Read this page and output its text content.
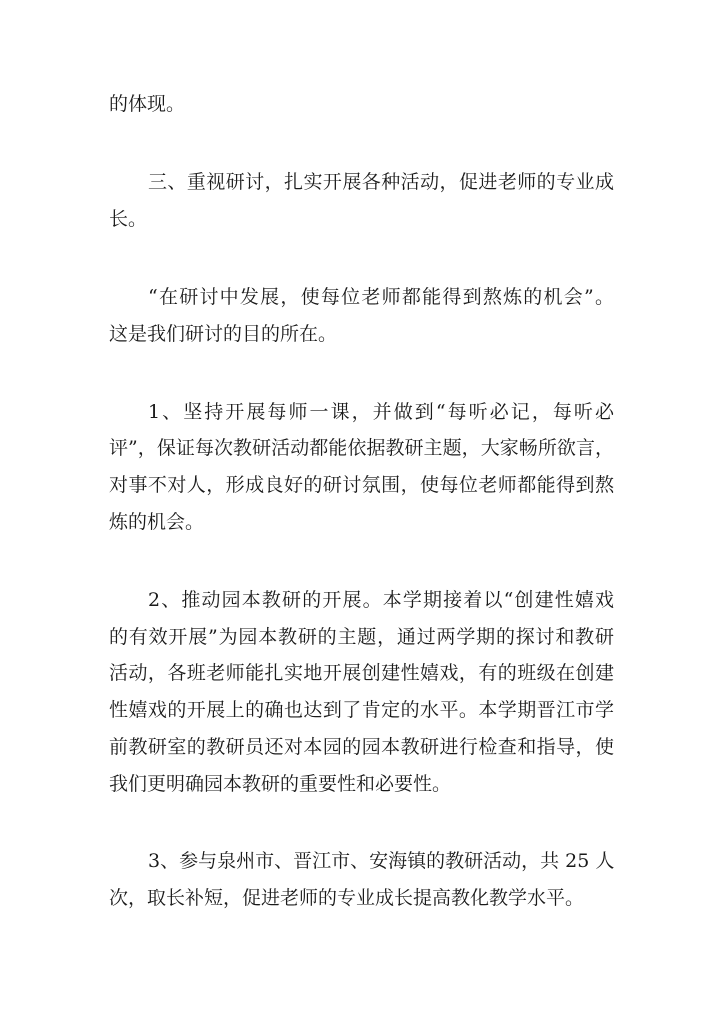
的体现。
三、重视研讨，扎实开展各种活动，促进老师的专业成
长。
“在研讨中发展，使每位老师都能得到熬炼的机会”。
这是我们研讨的目的所在。
1、坚持开展每师一课，并做到“每听必记，每听必
评”，保证每次教研活动都能依据教研主题，大家畅所欲言，
对事不对人，形成良好的研讨氛围，使每位老师都能得到熬
炼的机会。
2、推动园本教研的开展。本学期接着以“创建性嬉戏
的有效开展”为园本教研的主题，通过两学期的探讨和教研
活动，各班老师能扎实地开展创建性嬉戏，有的班级在创建
性嬉戏的开展上的确也达到了肯定的水平。本学期晋江市学
前教研室的教研员还对本园的园本教研进行检查和指导，使
我们更明确园本教研的重要性和必要性。
3、参与泉州市、晋江市、安海镇的教研活动，共 25 人
次，取长补短，促进老师的专业成长提高教化教学水平。
